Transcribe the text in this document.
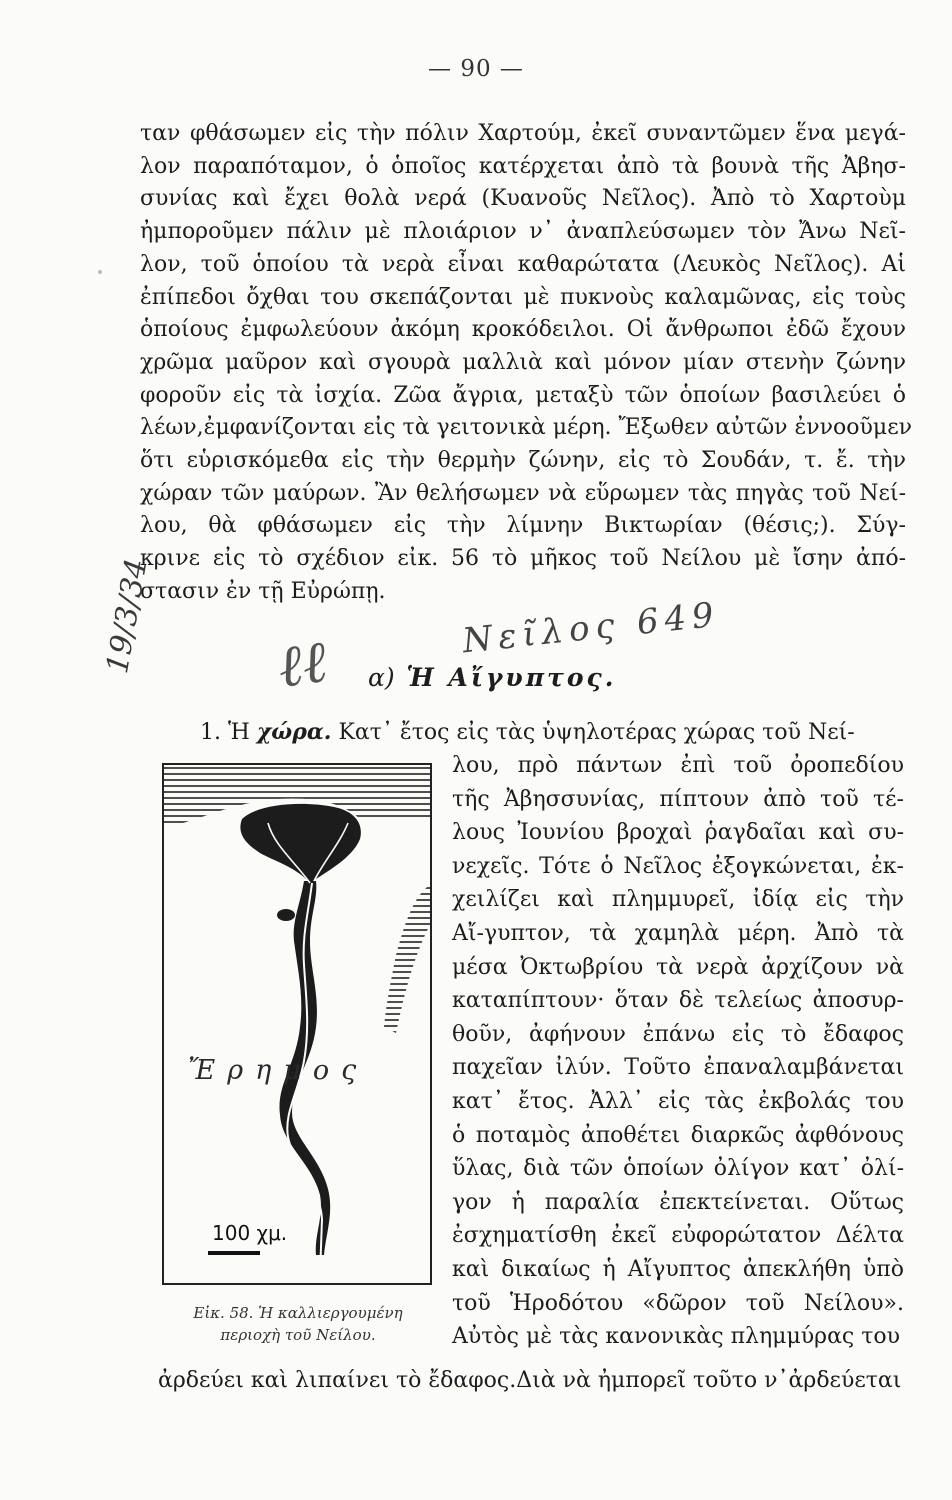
— 90 —
ταν φθάσωμεν εἰς τὴν πόλιν Χαρτούμ, ἐκεῖ συναντῶμεν ἕνα μεγά-
λον παραπόταμον, ὁ ὁποῖος κατέρχεται ἀπὸ τὰ βουνὰ τῆς Ἀβησ-
συνίας καὶ ἔχει θολὰ νερά (Κυανοῦς Νεῖλος). Ἀπὸ τὸ Χαρτοὺμ
ἠμποροῦμεν πάλιν μὲ πλοιάριον ν᾽ ἀναπλεύσωμεν τὸν Ἄνω Νεῖ-
λον, τοῦ ὁποίου τὰ νερὰ εἶναι καθαρώτατα (Λευκὸς Νεῖλος). Αἱ
ἐπίπεδοι ὄχθαι του σκεπάζονται μὲ πυκνοὺς καλαμῶνας, εἰς τοὺς
ὁποίους ἐμφωλεύουν ἀκόμη κροκόδειλοι. Οἱ ἄνθρωποι ἐδῶ ἔχουν
χρῶμα μαῦρον καὶ σγουρὰ μαλλιὰ καὶ μόνον μίαν στενὴν ζώνην
φοροῦν εἰς τὰ ἰσχία. Ζῶα ἄγρια, μεταξὺ τῶν ὁποίων βασιλεύει ὁ
λέων,ἐμφανίζονται εἰς τὰ γειτονικὰ μέρη. Ἔξωθεν αὐτῶν ἐννοοῦμεν
ὅτι εὑρισκόμεθα εἰς τὴν θερμὴν ζώνην, εἰς τὸ Σουδάν, τ. ἔ. τὴν
χώραν τῶν μαύρων. Ἂν θελήσωμεν νὰ εὕρωμεν τὰς πηγὰς τοῦ Νεί-
λου, θὰ φθάσωμεν εἰς τὴν λίμνην Βικτωρίαν (θέσις;). Σύγ-
κρινε εἰς τὸ σχέδιον εἰκ. 56 τὸ μῆκος τοῦ Νείλου μὲ ἴσην ἀπό-
στασιν ἐν τῇ Εὐρώπῃ.
19/3/34 ℓℓ	Νεῖλος 649
α) Ἡ Αἴγυπτος.
1. Ἡ χώρα. Κατ᾽ ἔτος εἰς τὰς ὑψηλοτέρας χώρας τοῦ Νεί-
λου, πρὸ πάντων ἐπὶ τοῦ ὀροπεδίου
τῆς Ἀβησσυνίας, πίπτουν ἀπὸ τοῦ τέ-
λους Ἰουνίου βροχαὶ ῥαγδαῖαι καὶ συ-
νεχεῖς. Τότε ὁ Νεῖλος ἐξογκώνεται, ἐκ-
χειλίζει καὶ πλημμυρεῖ, ἰδίᾳ εἰς τὴν
Αἴ-γυπτον, τὰ χαμηλὰ μέρη. Ἀπὸ τὰ
μέσα Ὀκτωβρίου τὰ νερὰ ἀρχίζουν νὰ
καταπίπτουν· ὅταν δὲ τελείως ἀποσυρ-
θοῦν, ἀφήνουν ἐπάνω εἰς τὸ ἔδαφος
παχεῖαν ἰλύν. Τοῦτο ἐπαναλαμβάνεται
κατ᾽ ἔτος. Ἀλλ᾽ εἰς τὰς ἐκβολάς του
ὁ ποταμὸς ἀποθέτει διαρκῶς ἀφθόνους
ὕλας, διὰ τῶν ὁποίων ὀλίγον κατ᾽ ὀλί-
γον ἡ παραλία ἐπεκτείνεται. Οὕτως
ἐσχηματίσθη ἐκεῖ εὐφορώτατον Δέλτα
καὶ δικαίως ἡ Αἴγυπτος ἀπεκλήθη ὑπὸ
τοῦ Ἡροδότου «δῶρον τοῦ Νείλου».
Αὐτὸς μὲ τὰς κανονικὰς πλημμύρας του
Ἔρημος
100 χμ.
Εἰκ. 58. Ἡ καλλιεργουμένη
περιοχὴ τοῦ Νείλου.
ἀρδεύει καὶ λιπαίνει τὸ ἔδαφος.Διὰ νὰ ἠμπορεῖ τοῦτο ν᾽ἀρδεύεται
